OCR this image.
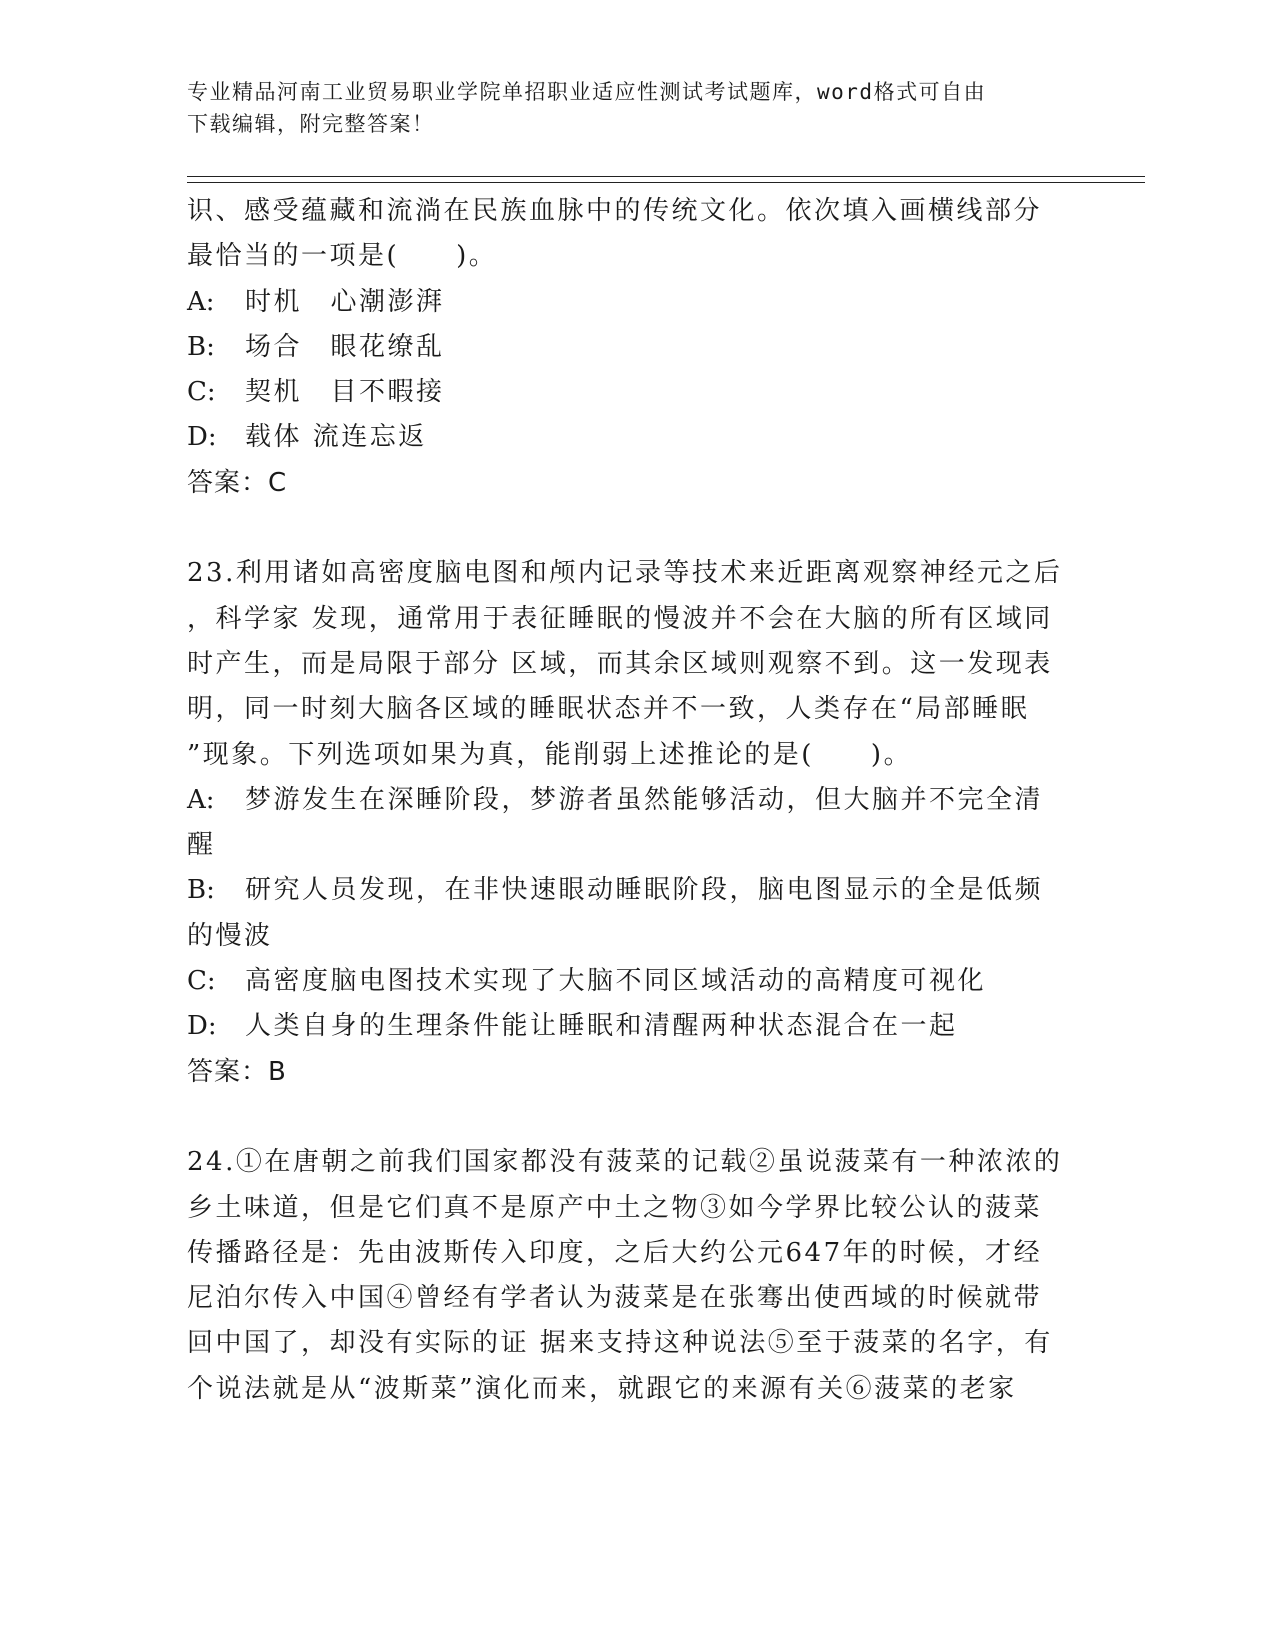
专业精品河南工业贸易职业学院单招职业适应性测试考试题库，word格式可自由
下载编辑，附完整答案！
识、感受蕴藏和流淌在民族血脉中的传统文化。依次填入画横线部分
最恰当的一项是(　　)。
A: 时机　心潮澎湃
B: 场合　眼花缭乱
C: 契机　目不暇接
D: 载体 流连忘返
答案：C
23.利用诸如高密度脑电图和颅内记录等技术来近距离观察神经元之后
，科学家 发现，通常用于表征睡眠的慢波并不会在大脑的所有区域同
时产生，而是局限于部分 区域，而其余区域则观察不到。这一发现表
明，同一时刻大脑各区域的睡眠状态并不一致，人类存在“局部睡眠
”现象。下列选项如果为真，能削弱上述推论的是(　　)。
A: 梦游发生在深睡阶段，梦游者虽然能够活动，但大脑并不完全清
醒
B: 研究人员发现，在非快速眼动睡眠阶段，脑电图显示的全是低频
的慢波
C: 高密度脑电图技术实现了大脑不同区域活动的高精度可视化
D: 人类自身的生理条件能让睡眠和清醒两种状态混合在一起
答案：B
24.①在唐朝之前我们国家都没有菠菜的记载②虽说菠菜有一种浓浓的
乡土味道，但是它们真不是原产中土之物③如今学界比较公认的菠菜
传播路径是：先由波斯传入印度，之后大约公元647年的时候，才经
尼泊尔传入中国④曾经有学者认为菠菜是在张骞出使西域的时候就带
回中国了，却没有实际的证 据来支持这种说法⑤至于菠菜的名字，有
个说法就是从“波斯菜”演化而来，就跟它的来源有关⑥菠菜的老家
